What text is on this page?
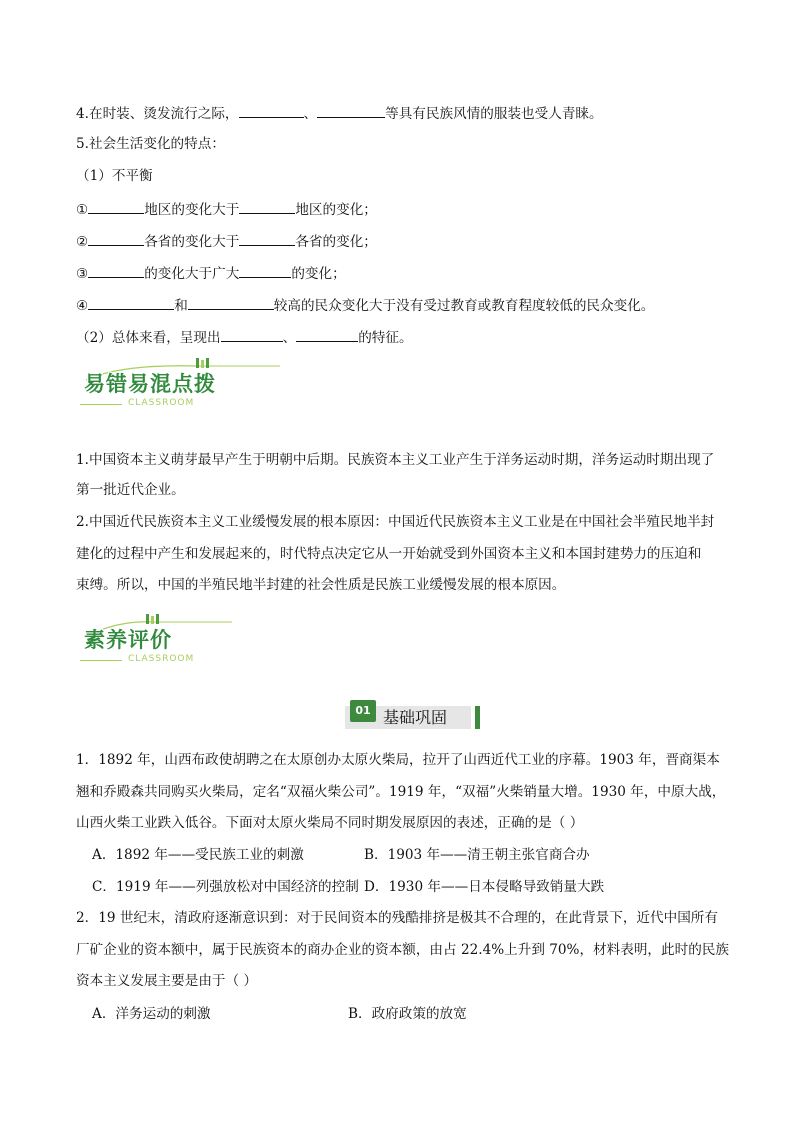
4.在时装、烫发流行之际，	、	等具有民族风情的服装也受人青睐。
5.社会生活变化的特点：
（1）不平衡
①	地区的变化大于	地区的变化；
②	各省的变化大于	各省的变化；
③	的变化大于广大	的变化；
④	和	较高的民众变化大于没有受过教育或教育程度较低的民众变化。
（2）总体来看，呈现出	、	的特征。
易错易混点拨
CLASSROOM
1.中国资本主义萌芽最早产生于明朝中后期。民族资本主义工业产生于洋务运动时期，洋务运动时期出现了
第一批近代企业。
2.中国近代民族资本主义工业缓慢发展的根本原因：中国近代民族资本主义工业是在中国社会半殖民地半封
建化的过程中产生和发展起来的，时代特点决定它从一开始就受到外国资本主义和本国封建势力的压迫和
束缚。所以，中国的半殖民地半封建的社会性质是民族工业缓慢发展的根本原因。
素养评价
CLASSROOM
01 基础巩固
1．1892 年，山西布政使胡聘之在太原创办太原火柴局，拉开了山西近代工业的序幕。1903 年，晋商渠本
翘和乔殿森共同购买火柴局，定名“双福火柴公司”。1919 年，“双福”火柴销量大增。1930 年，中原大战，
山西火柴工业跌入低谷。下面对太原火柴局不同时期发展原因的表述，正确的是（ ）
A．1892 年——受民族工业的刺激	B．1903 年——清王朝主张官商合办
C．1919 年——列强放松对中国经济的控制 D．1930 年——日本侵略导致销量大跌
2．19 世纪末，清政府逐渐意识到：对于民间资本的残酷排挤是极其不合理的，在此背景下，近代中国所有
厂矿企业的资本额中，属于民族资本的商办企业的资本额，由占 22.4%上升到 70%，材料表明，此时的民族
资本主义发展主要是由于（ ）
A．洋务运动的刺激	B．政府政策的放宽
